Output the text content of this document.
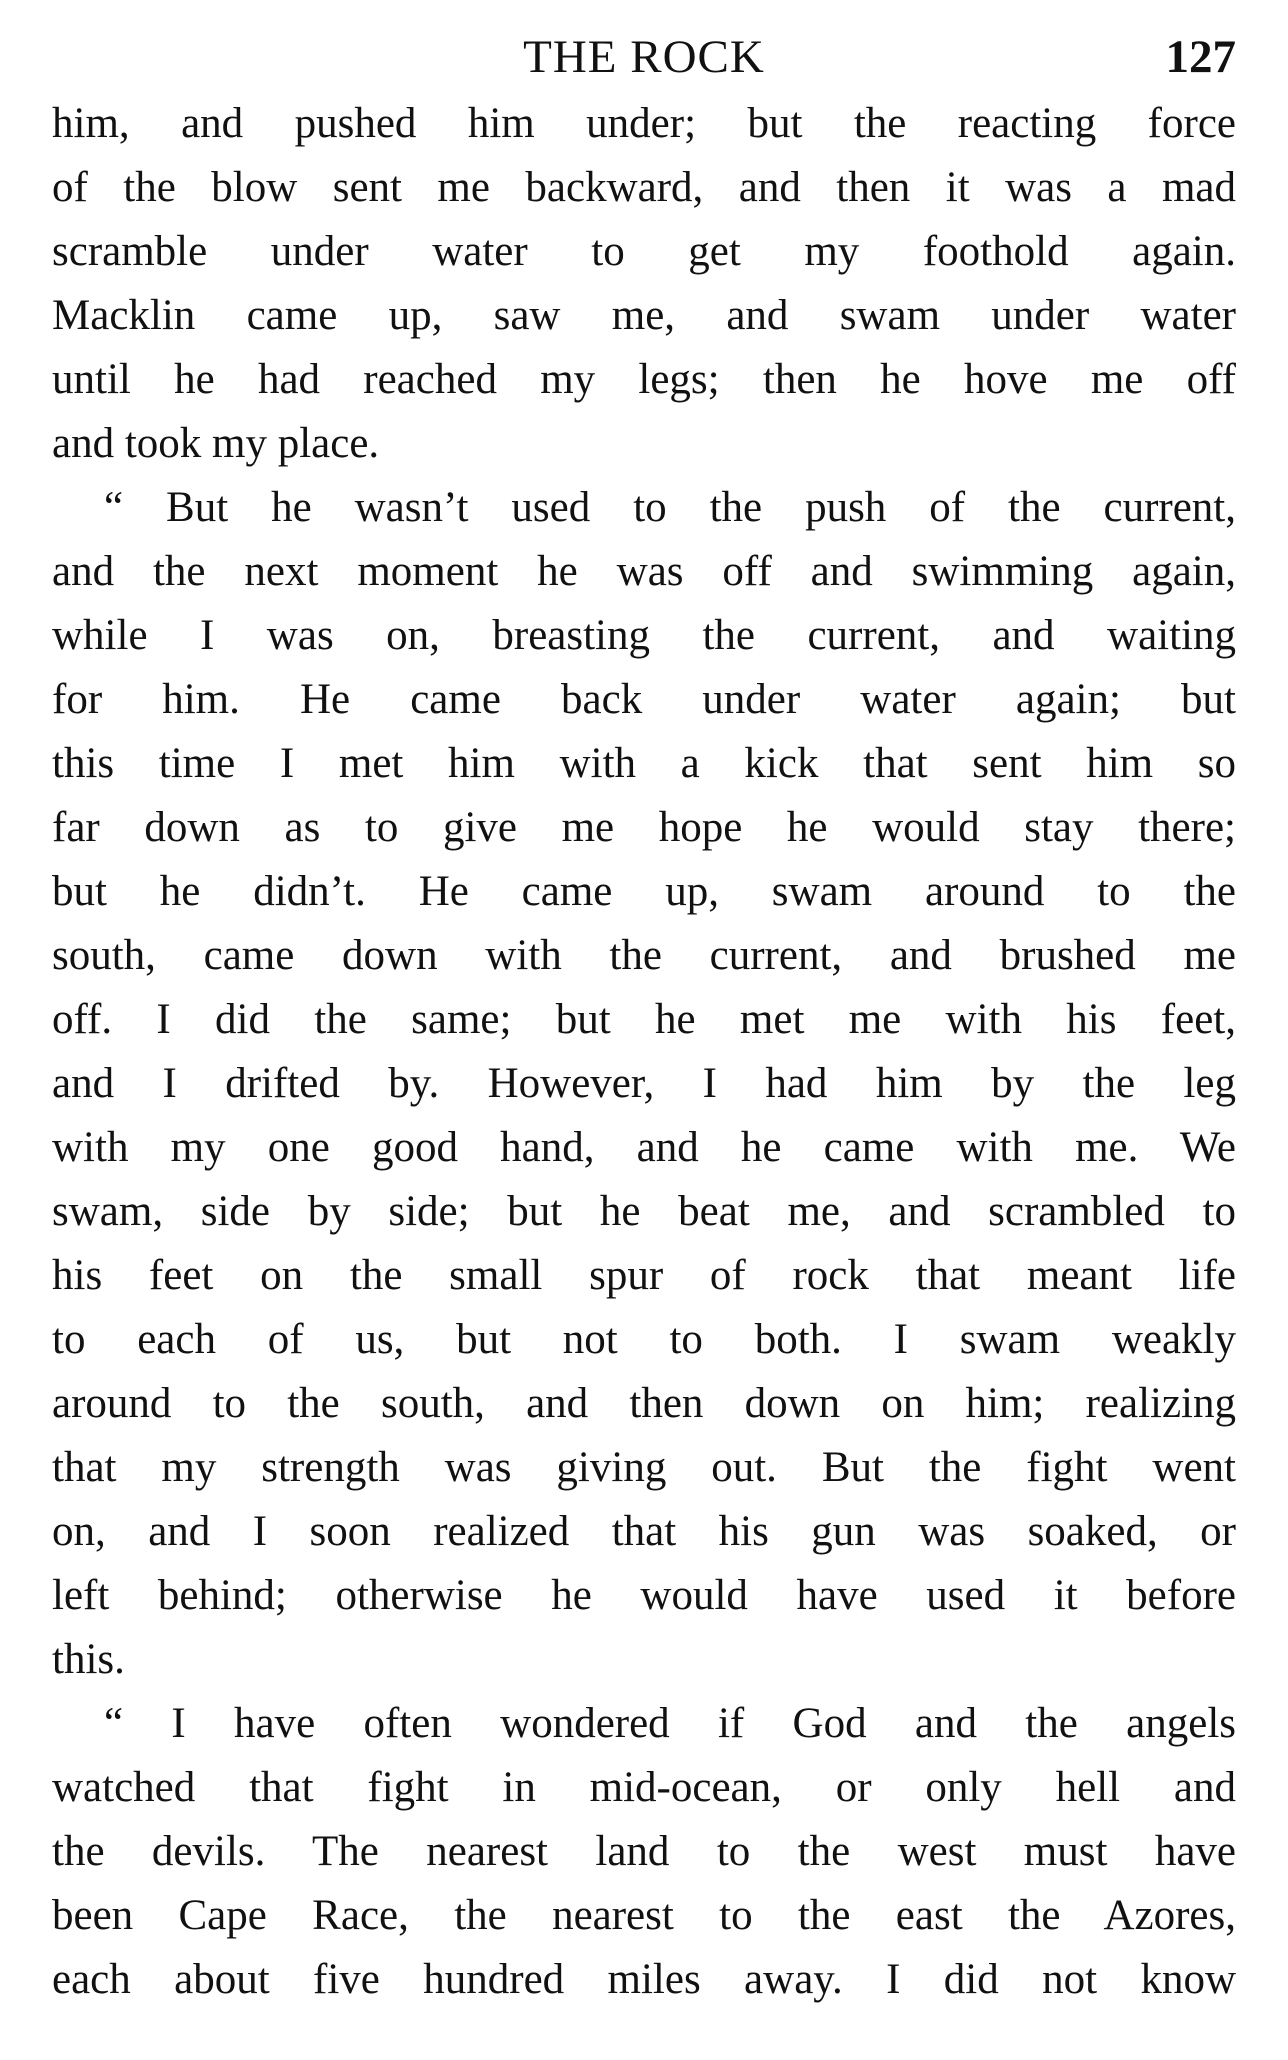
THE ROCK	127
him, and pushed him under; but the reacting force
of the blow sent me backward, and then it was a mad
scramble under water to get my foothold again.
Macklin came up, saw me, and swam under water
until he had reached my legs; then he hove me off
and took my place.
“ But he wasn’t used to the push of the current,
and the next moment he was off and swimming again,
while I was on, breasting the current, and waiting
for him. He came back under water again; but
this time I met him with a kick that sent him so
far down as to give me hope he would stay there;
but he didn’t. He came up, swam around to the
south, came down with the current, and brushed me
off. I did the same; but he met me with his feet,
and I drifted by. However, I had him by the leg
with my one good hand, and he came with me. We
swam, side by side; but he beat me, and scrambled to
his feet on the small spur of rock that meant life
to each of us, but not to both. I swam weakly
around to the south, and then down on him; realizing
that my strength was giving out. But the fight went
on, and I soon realized that his gun was soaked, or
left behind; otherwise he would have used it before
this.
“ I have often wondered if God and the angels
watched that fight in mid-ocean, or only hell and
the devils. The nearest land to the west must have
been Cape Race, the nearest to the east the Azores,
each about five hundred miles away. I did not know
